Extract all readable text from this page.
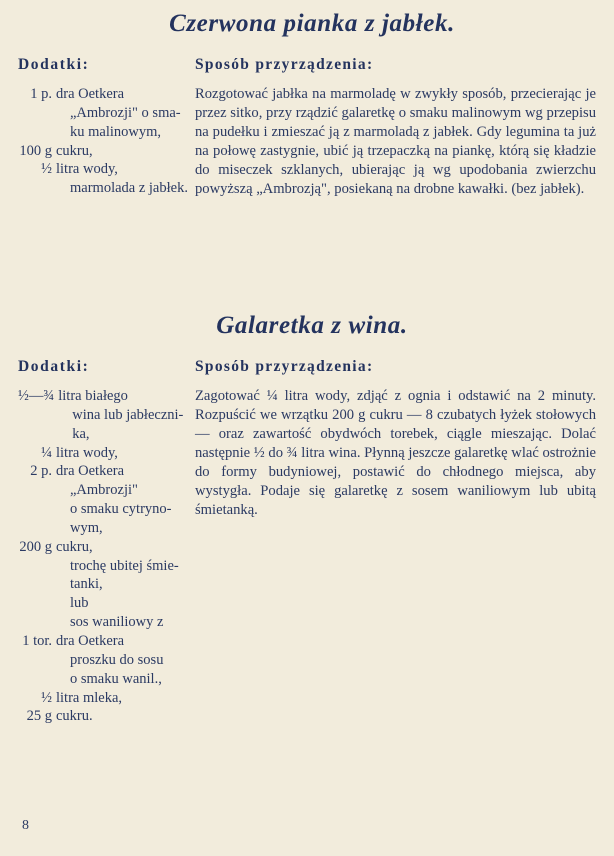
Czerwona pianka z jabłek.
Dodatki:
1 p. dra Oetkera
„Ambrozji" o sma-
ku malinowym,
100 g cukru,
½ litra wody,
marmolada z jabłek.
Sposób przyrządzenia:

Rozgotować jabłka na marmoladę w zwykły sposób, przecierając je przez sitko, przy rządzić galaretkę o smaku malinowym wg przepisu na pudełku i zmieszać ją z marmoladą z jabłek. Gdy legumina ta już na połowę zastygnie, ubić ją trzepaczką na piankę, którą się kładzie do miseczek szklanych, ubierając ją wg upodobania zwierzchu powyższą „Ambrozją", posiekaną na drobne kawałki. (bez jabłek).

Galaretka z wina.
Dodatki:
½—¾ litra białego
wina lub jabłeczni-
ka,
¼ litra wody,
2 p. dra Oetkera
„Ambrozji"
o smaku cytryno-
wym,
200 g cukru,
trochę ubitej śmie-
tanki,
lub
sos waniliowy z
1 tor. dra Oetkera
proszku do sosu
o smaku wanil.,
½ litra mleka,
25 g cukru.
Sposób przyrządzenia:

Zagotować ¼ litra wody, zdjąć z ognia i odstawić na 2 minuty. Rozpuścić we wrzątku 200 g cukru — 8 czubatych łyżek stołowych — oraz zawartość obydwóch torebek, ciągle mieszając. Dolać następnie ½ do ¾ litra wina. Płynną jeszcze galaretkę wlać ostrożnie do formy budyniowej, postawić do chłodnego miejsca, aby wystygła. Podaje się galaretkę z sosem waniliowym lub ubitą śmietanką.

8
